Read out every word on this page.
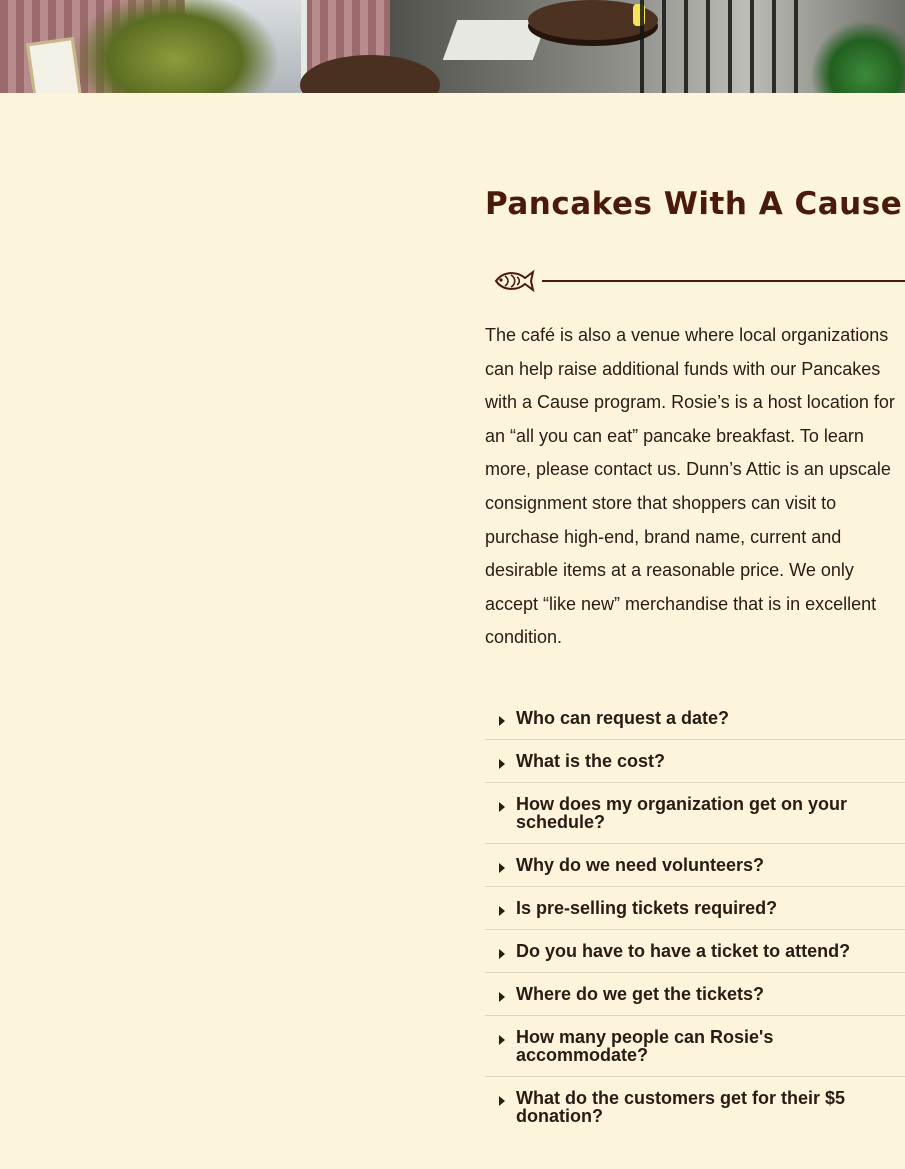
Pancakes With A Cause

The café is also a venue where local organizations can help raise additional funds with our Pancakes with a Cause program. Rosie’s is a host location for an “all you can eat” pancake breakfast. To learn more, please contact us. Dunn’s Attic is an upscale consignment store that shoppers can visit to purchase high-end, brand name, current and desirable items at a reasonable price. We only accept “like new” merchandise that is in excellent condition.

Who can request a date?
What is the cost?
How does my organization get on your schedule?
Why do we need volunteers?
Is pre-selling tickets required?
Do you have to have a ticket to attend?
Where do we get the tickets?
How many people can Rosie's accommodate?
What do the customers get for their $5 donation?
